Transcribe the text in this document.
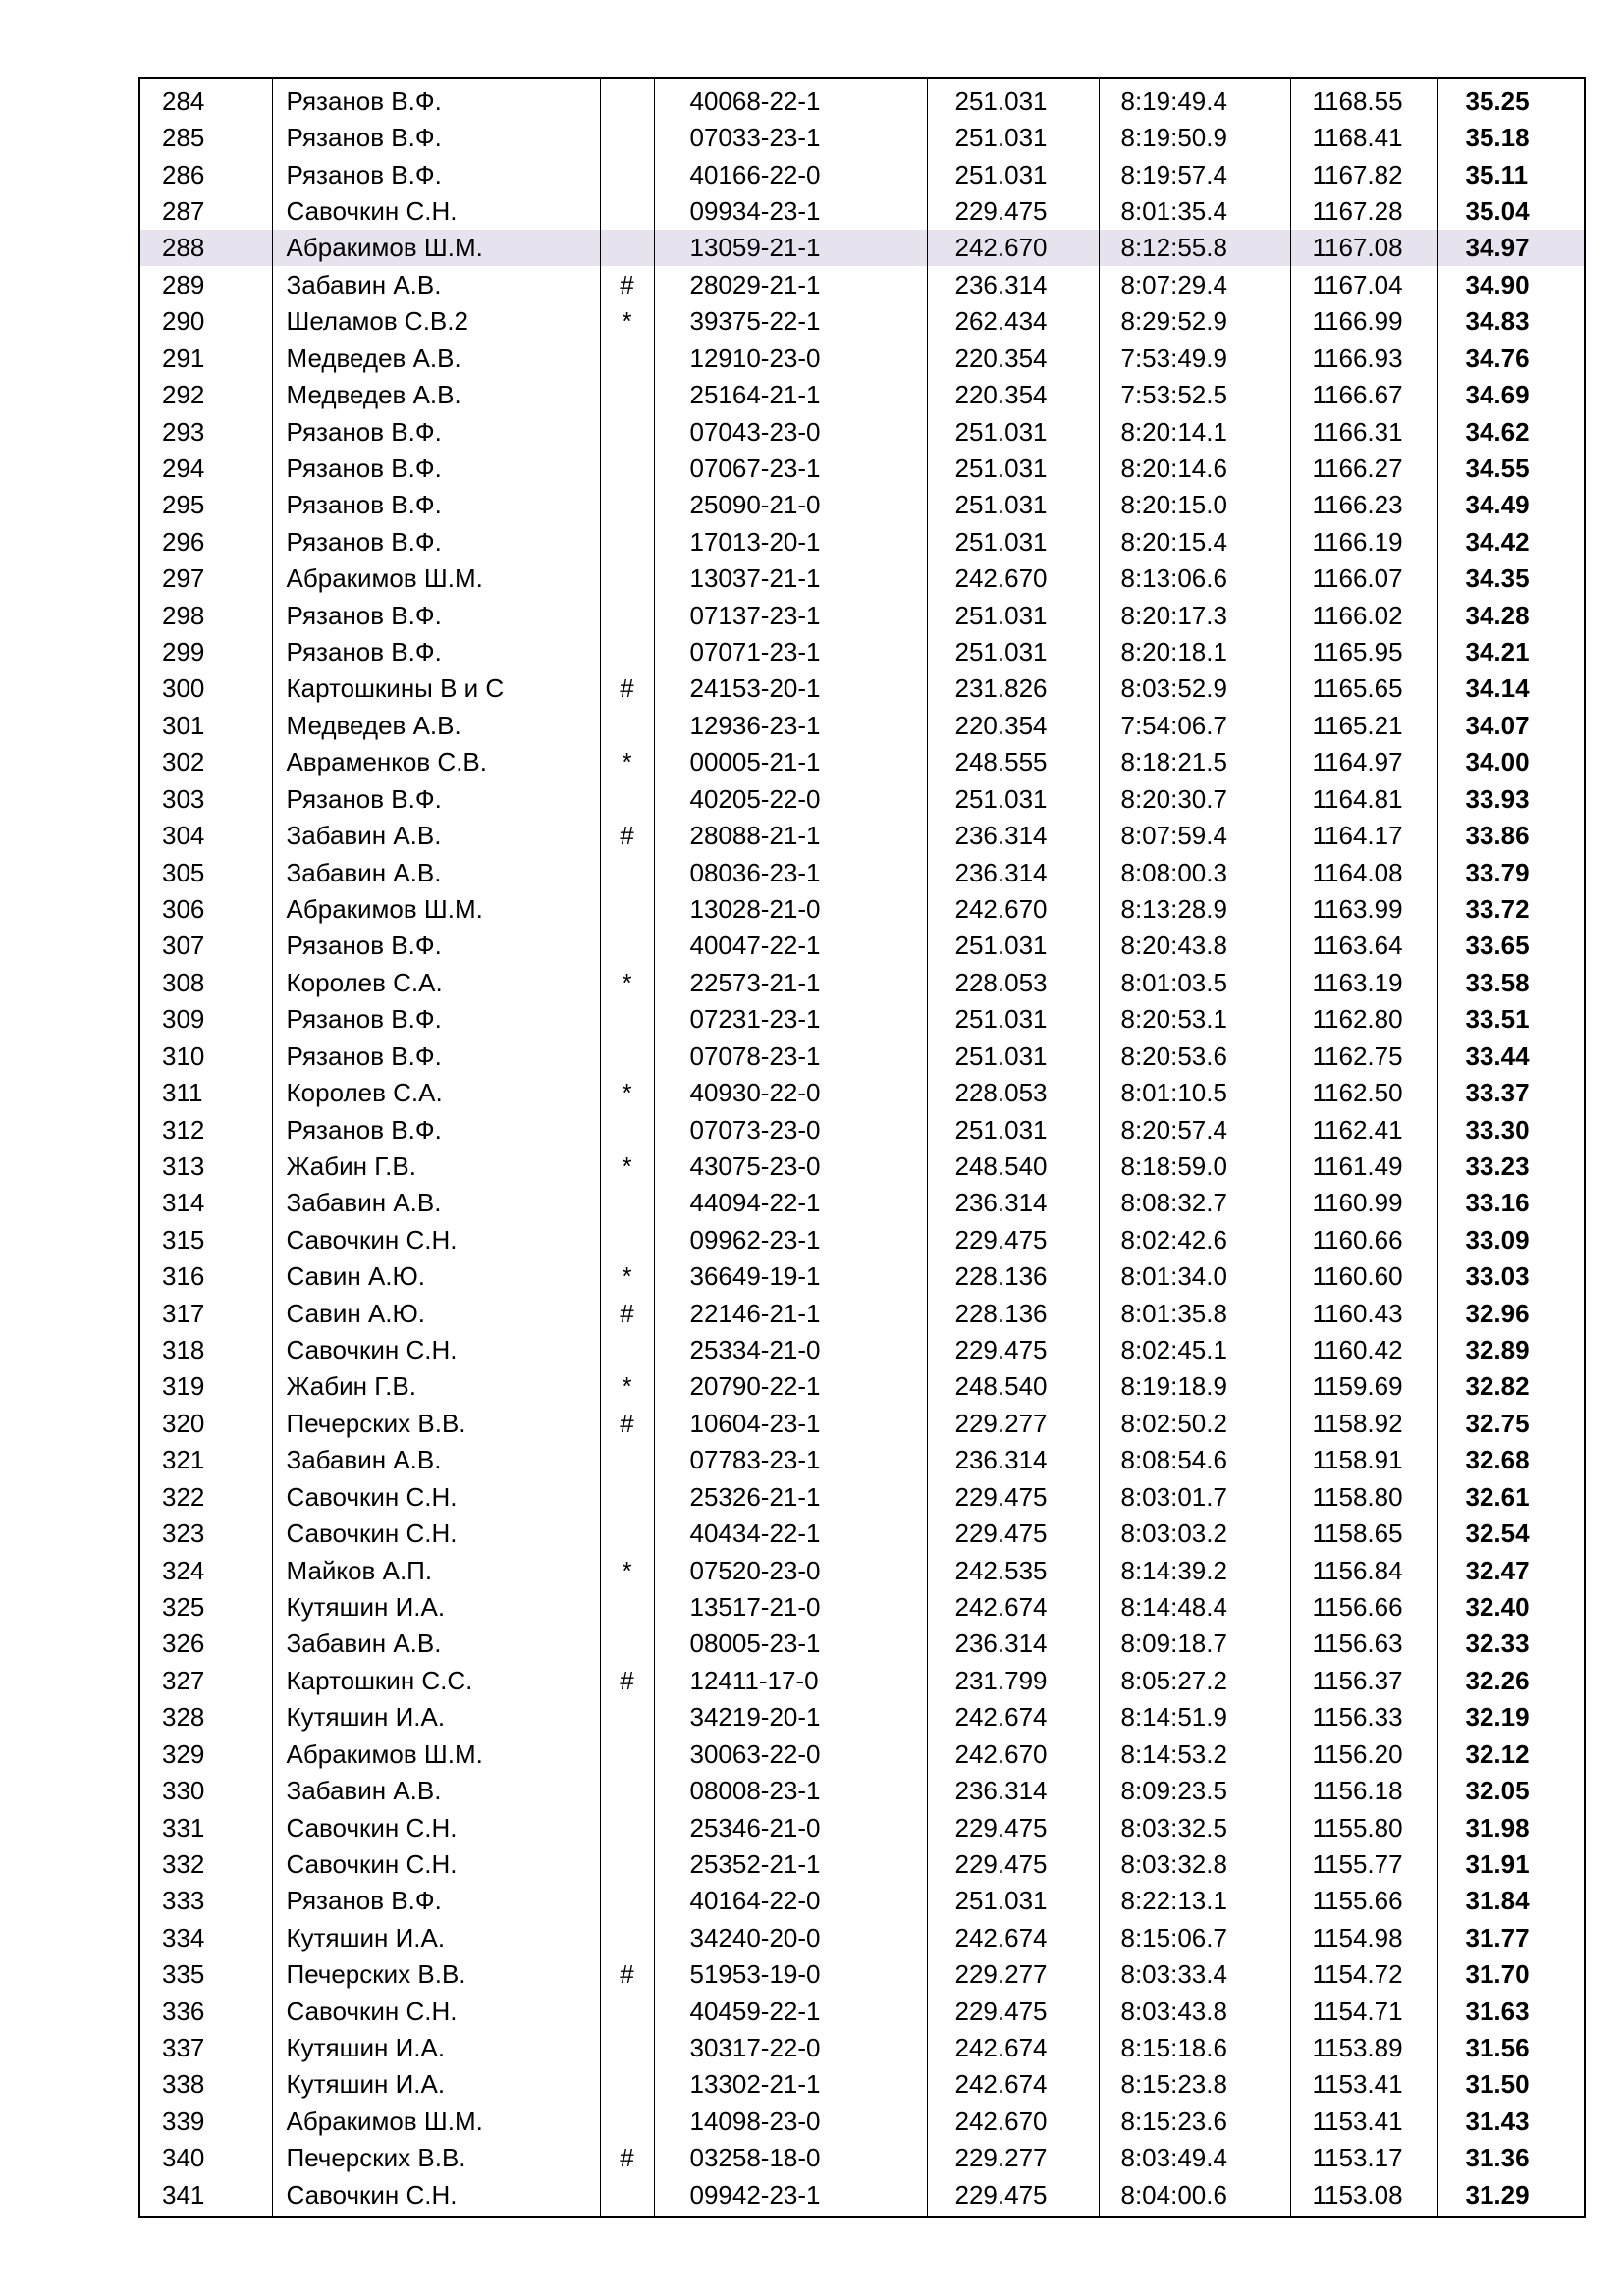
284	Рязанов В.Ф.		40068-22-1	251.031	8:19:49.4	1168.55	35.25
285	Рязанов В.Ф.		07033-23-1	251.031	8:19:50.9	1168.41	35.18
286	Рязанов В.Ф.		40166-22-0	251.031	8:19:57.4	1167.82	35.11
287	Савочкин С.Н.		09934-23-1	229.475	8:01:35.4	1167.28	35.04
288	Абракимов Ш.М.		13059-21-1	242.670	8:12:55.8	1167.08	34.97
289	Забавин А.В.	#	28029-21-1	236.314	8:07:29.4	1167.04	34.90
290	Шеламов С.В.2	*	39375-22-1	262.434	8:29:52.9	1166.99	34.83
291	Медведев А.В.		12910-23-0	220.354	7:53:49.9	1166.93	34.76
292	Медведев А.В.		25164-21-1	220.354	7:53:52.5	1166.67	34.69
293	Рязанов В.Ф.		07043-23-0	251.031	8:20:14.1	1166.31	34.62
294	Рязанов В.Ф.		07067-23-1	251.031	8:20:14.6	1166.27	34.55
295	Рязанов В.Ф.		25090-21-0	251.031	8:20:15.0	1166.23	34.49
296	Рязанов В.Ф.		17013-20-1	251.031	8:20:15.4	1166.19	34.42
297	Абракимов Ш.М.		13037-21-1	242.670	8:13:06.6	1166.07	34.35
298	Рязанов В.Ф.		07137-23-1	251.031	8:20:17.3	1166.02	34.28
299	Рязанов В.Ф.		07071-23-1	251.031	8:20:18.1	1165.95	34.21
300	Картошкины В и С	#	24153-20-1	231.826	8:03:52.9	1165.65	34.14
301	Медведев А.В.		12936-23-1	220.354	7:54:06.7	1165.21	34.07
302	Авраменков С.В.	*	00005-21-1	248.555	8:18:21.5	1164.97	34.00
303	Рязанов В.Ф.		40205-22-0	251.031	8:20:30.7	1164.81	33.93
304	Забавин А.В.	#	28088-21-1	236.314	8:07:59.4	1164.17	33.86
305	Забавин А.В.		08036-23-1	236.314	8:08:00.3	1164.08	33.79
306	Абракимов Ш.М.		13028-21-0	242.670	8:13:28.9	1163.99	33.72
307	Рязанов В.Ф.		40047-22-1	251.031	8:20:43.8	1163.64	33.65
308	Королев С.А.	*	22573-21-1	228.053	8:01:03.5	1163.19	33.58
309	Рязанов В.Ф.		07231-23-1	251.031	8:20:53.1	1162.80	33.51
310	Рязанов В.Ф.		07078-23-1	251.031	8:20:53.6	1162.75	33.44
311	Королев С.А.	*	40930-22-0	228.053	8:01:10.5	1162.50	33.37
312	Рязанов В.Ф.		07073-23-0	251.031	8:20:57.4	1162.41	33.30
313	Жабин Г.В.	*	43075-23-0	248.540	8:18:59.0	1161.49	33.23
314	Забавин А.В.		44094-22-1	236.314	8:08:32.7	1160.99	33.16
315	Савочкин С.Н.		09962-23-1	229.475	8:02:42.6	1160.66	33.09
316	Савин А.Ю.	*	36649-19-1	228.136	8:01:34.0	1160.60	33.03
317	Савин А.Ю.	#	22146-21-1	228.136	8:01:35.8	1160.43	32.96
318	Савочкин С.Н.		25334-21-0	229.475	8:02:45.1	1160.42	32.89
319	Жабин Г.В.	*	20790-22-1	248.540	8:19:18.9	1159.69	32.82
320	Печерских В.В.	#	10604-23-1	229.277	8:02:50.2	1158.92	32.75
321	Забавин А.В.		07783-23-1	236.314	8:08:54.6	1158.91	32.68
322	Савочкин С.Н.		25326-21-1	229.475	8:03:01.7	1158.80	32.61
323	Савочкин С.Н.		40434-22-1	229.475	8:03:03.2	1158.65	32.54
324	Майков А.П.	*	07520-23-0	242.535	8:14:39.2	1156.84	32.47
325	Кутяшин И.А.		13517-21-0	242.674	8:14:48.4	1156.66	32.40
326	Забавин А.В.		08005-23-1	236.314	8:09:18.7	1156.63	32.33
327	Картошкин С.С.	#	12411-17-0	231.799	8:05:27.2	1156.37	32.26
328	Кутяшин И.А.		34219-20-1	242.674	8:14:51.9	1156.33	32.19
329	Абракимов Ш.М.		30063-22-0	242.670	8:14:53.2	1156.20	32.12
330	Забавин А.В.		08008-23-1	236.314	8:09:23.5	1156.18	32.05
331	Савочкин С.Н.		25346-21-0	229.475	8:03:32.5	1155.80	31.98
332	Савочкин С.Н.		25352-21-1	229.475	8:03:32.8	1155.77	31.91
333	Рязанов В.Ф.		40164-22-0	251.031	8:22:13.1	1155.66	31.84
334	Кутяшин И.А.		34240-20-0	242.674	8:15:06.7	1154.98	31.77
335	Печерских В.В.	#	51953-19-0	229.277	8:03:33.4	1154.72	31.70
336	Савочкин С.Н.		40459-22-1	229.475	8:03:43.8	1154.71	31.63
337	Кутяшин И.А.		30317-22-0	242.674	8:15:18.6	1153.89	31.56
338	Кутяшин И.А.		13302-21-1	242.674	8:15:23.8	1153.41	31.50
339	Абракимов Ш.М.		14098-23-0	242.670	8:15:23.6	1153.41	31.43
340	Печерских В.В.	#	03258-18-0	229.277	8:03:49.4	1153.17	31.36
341	Савочкин С.Н.		09942-23-1	229.475	8:04:00.6	1153.08	31.29
